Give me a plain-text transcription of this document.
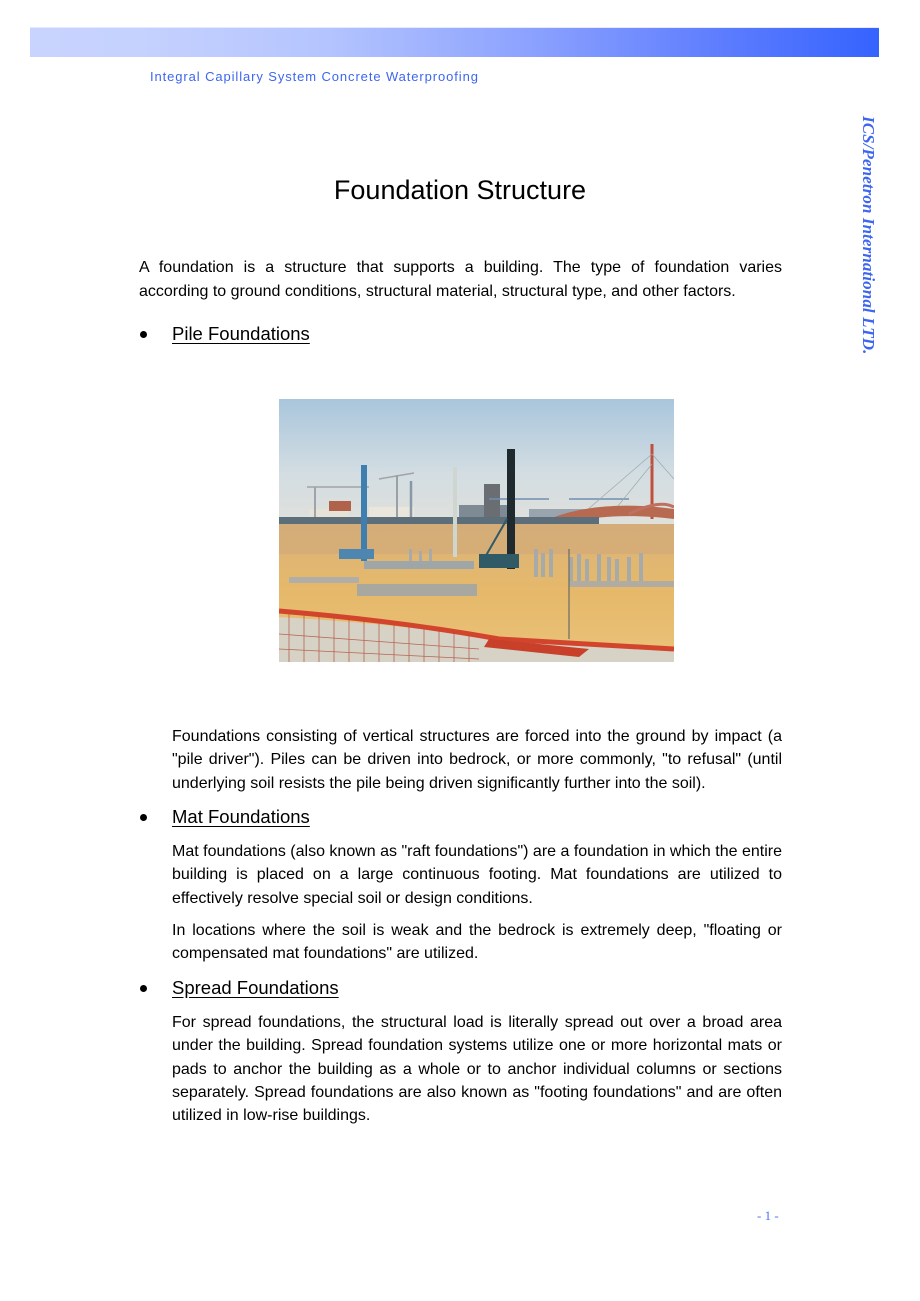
Integral Capillary System Concrete Waterproofing
ICS/Penetron International LTD.
Foundation Structure
A foundation is a structure that supports a building. The type of foundation varies according to ground conditions, structural material, structural type, and other factors.
Pile Foundations
Foundations consisting of vertical structures are forced into the ground by impact (a "pile driver"). Piles can be driven into bedrock, or more commonly, "to refusal" (until underlying soil resists the pile being driven significantly further into the soil).
Mat Foundations
Mat foundations (also known as "raft foundations") are a foundation in which the entire building is placed on a large continuous footing. Mat foundations are utilized to effectively resolve special soil or design conditions.
In locations where the soil is weak and the bedrock is extremely deep, "floating or compensated mat foundations" are utilized.
Spread Foundations
For spread foundations, the structural load is literally spread out over a broad area under the building. Spread foundation systems utilize one or more horizontal mats or pads to anchor the building as a whole or to anchor individual columns or sections separately. Spread foundations are also known as "footing foundations" and are often utilized in low-rise buildings.
- 1 -
